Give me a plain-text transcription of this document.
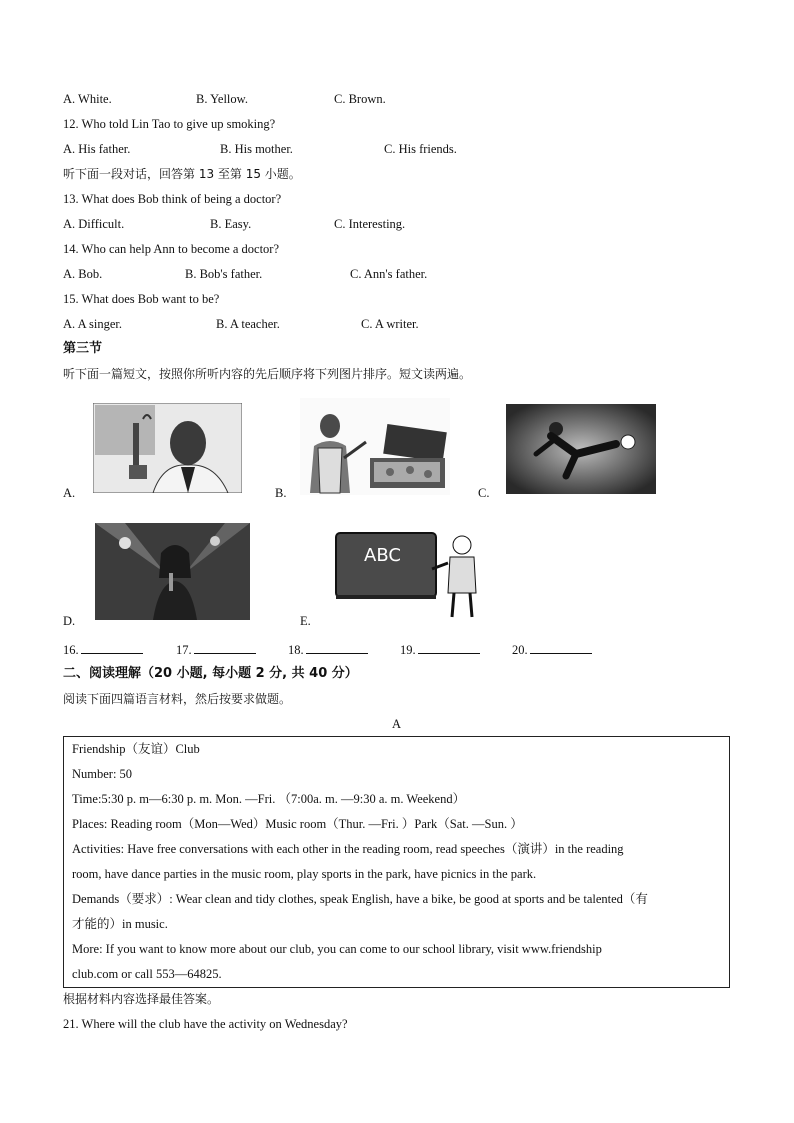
A. White.	B. Yellow.	C. Brown.
12. Who told Lin Tao to give up smoking?
A. His father.	B. His mother.	C. His friends.
听下面一段对话，回答第 13 至第 15 小题。
13. What does Bob think of being a doctor?
A. Difficult.	B. Easy.	C. Interesting.
14. Who can help Ann to become a doctor?
A. Bob.	B. Bob's father.	C. Ann's father.
15. What does Bob want to be?
A. A singer.	B. A teacher.	C. A writer.
第三节
听下面一篇短文，按照你所听内容的先后顺序将下列图片排序。短文读两遍。
A.	B.	C.
D.	E.
ABC
16.	17.	18.	19.	20.
二、阅读理解（20 小题, 每小题 2 分, 共 40 分）
阅读下面四篇语言材料，然后按要求做题。
A
Friendship（友谊）Club
Number: 50
Time:5:30 p. m—6:30 p. m. Mon. —Fri. （7:00a. m. —9:30 a. m. Weekend）
Places: Reading room（Mon—Wed）Music room（Thur. —Fri. ）Park（Sat. —Sun. ）
Activities: Have free conversations with each other in the reading room, read speeches（演讲）in the reading
room, have dance parties in the music room, play sports in the park, have picnics in the park.
Demands（要求）: Wear clean and tidy clothes, speak English, have a bike, be good at sports and be talented（有
才能的）in music.
More: If you want to know more about our club, you can come to our school library, visit www.friendship
club.com or call 553—64825.
根据材料内容选择最佳答案。
21. Where will the club have the activity on Wednesday?
